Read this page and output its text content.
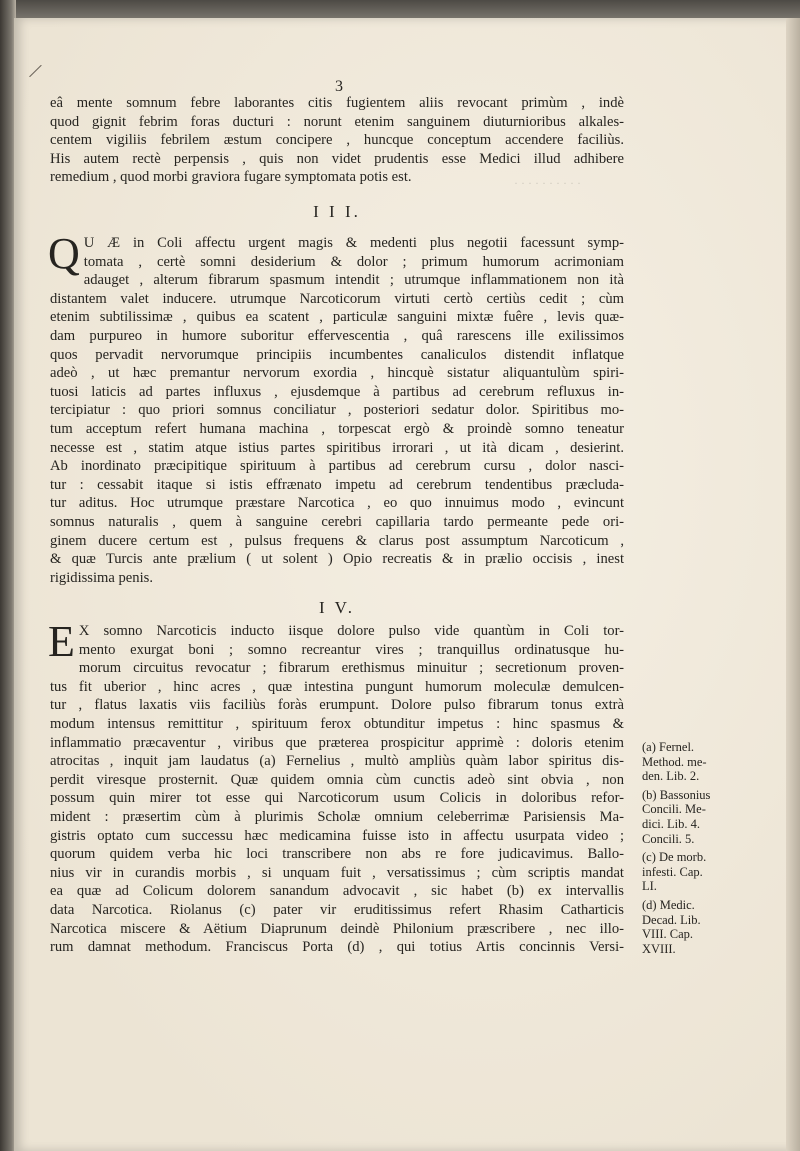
/
3
· · · · · · · · · ·
eâ mente somnum febre laborantes citis fugientem aliis revocant primùm , indè
quod gignit febrim foras ducturi : norunt etenim sanguinem diuturnioribus alkales-
centem vigiliis febrilem æstum concipere , huncque conceptum accendere faciliùs.
His autem rectè perpensis , quis non videt prudentis esse Medici illud adhibere
remedium , quod morbi graviora fugare symptomata potis est.
I I I.
Q U Æ in Coli affectu urgent magis & medenti plus negotii facessunt symp-
tomata , certè somni desiderium & dolor ; primum humorum acrimoniam
adauget , alterum fibrarum spasmum intendit ; utrumque inflammationem non ità
distantem valet inducere. utrumque Narcoticorum virtuti certò certiùs cedit ; cùm
etenim subtilissimæ , quibus ea scatent , particulæ sanguini mixtæ fuêre , levis quæ-
dam purpureo in humore suboritur effervescentia , quâ rarescens ille exilissimos
quos pervadit nervorumque principiis incumbentes canaliculos distendit inflatque
adeò , ut hæc premantur nervorum exordia , hincquè sistatur aliquantulùm spiri-
tuosi laticis ad partes influxus , ejusdemque à partibus ad cerebrum refluxus in-
tercipiatur : quo priori somnus conciliatur , posteriori sedatur dolor. Spiritibus mo-
tum acceptum refert humana machina , torpescat ergò & proindè somno teneatur
necesse est , statim atque istius partes spiritibus irrorari , ut ità dicam , desierint.
Ab inordinato præcipitique spirituum à partibus ad cerebrum cursu , dolor nasci-
tur : cessabit itaque si istis effrænato impetu ad cerebrum tendentibus præcluda-
tur aditus. Hoc utrumque præstare Narcotica , eo quo innuimus modo , evincunt
somnus naturalis , quem à sanguine cerebri capillaria tardo permeante pede ori-
ginem ducere certum est , pulsus frequens & clarus post assumptum Narcoticum ,
& quæ Turcis ante prælium ( ut solent ) Opio recreatis & in prælio occisis , inest
rigidissima penis.
I V.
E X somno Narcoticis inducto iisque dolore pulso vide quantùm in Coli tor-
mento exurgat boni ; somno recreantur vires ; tranquillus ordinatusque hu-
morum circuitus revocatur ; fibrarum erethismus minuitur ; secretionum proven-
tus fit uberior , hinc acres , quæ intestina pungunt humorum moleculæ demulcen-
tur , flatus laxatis viis faciliùs foràs erumpunt. Dolore pulso fibrarum tonus extrà
modum intensus remittitur , spirituum ferox obtunditur impetus : hinc spasmus &
inflammatio præcaventur , viribus que præterea prospicitur apprimè : doloris etenim
atrocitas , inquit jam laudatus (a) Fernelius , multò ampliùs quàm labor spiritus dis-
perdit viresque prosternit. Quæ quidem omnia cùm cunctis adeò sint obvia , non
possum quin mirer tot esse qui Narcoticorum usum Colicis in doloribus refor-
mident : præsertim cùm à plurimis Scholæ omnium celeberrimæ Parisiensis Ma-
gistris optato cum successu hæc medicamina fuisse isto in affectu usurpata video ;
quorum quidem verba hic loci transcribere non abs re fore judicavimus. Ballo-
nius vir in curandis morbis , si unquam fuit , versatissimus ; cùm scriptis mandat
ea quæ ad Colicum dolorem sanandum advocavit , sic habet (b) ex intervallis
data Narcotica. Riolanus (c) pater vir eruditissimus refert Rhasim Catharticis
Narcotica miscere & Aëtium Diaprunum deindè Philonium præscribere , nec illo-
rum damnat methodum. Franciscus Porta (d) , qui totius Artis concinnis Versi-
(a) Fernel.
Method. me-
den. Lib. 2.
(b) Bassonius
Concili. Me-
dici. Lib. 4.
Concili. 5.
(c) De morb.
infesti. Cap.
LI.
(d) Medic.
Decad. Lib.
VIII. Cap.
XVIII.
